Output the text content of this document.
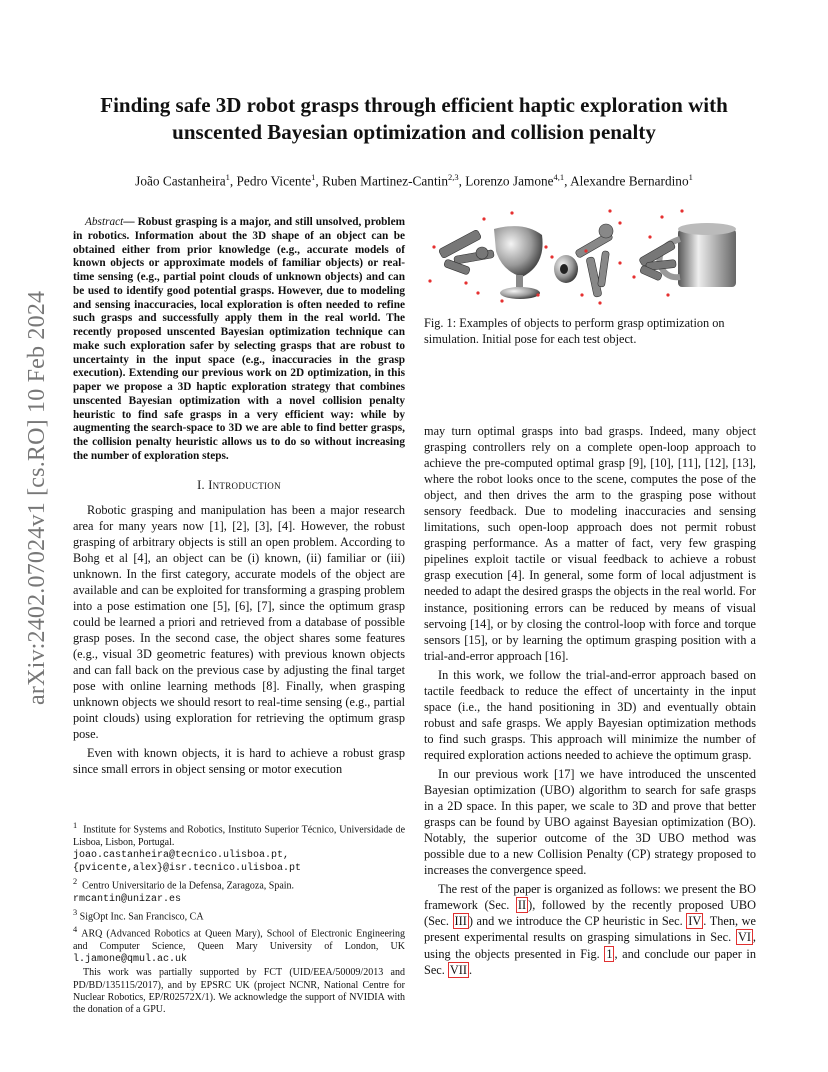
arXiv:2402.07024v1 [cs.RO] 10 Feb 2024
Finding safe 3D robot grasps through efficient haptic exploration with unscented Bayesian optimization and collision penalty
João Castanheira$^1$, Pedro Vicente$^1$, Ruben Martinez-Cantin$^{2,3}$, Lorenzo Jamone$^{4,1}$, Alexandre Bernardino$^1$

Abstract— Robust grasping is a major, and still unsolved, problem in robotics. Information about the 3D shape of an object can be obtained either from prior knowledge (e.g., accurate models of known objects or approximate models of familiar objects) or real-time sensing (e.g., partial point clouds of unknown objects) and can be used to identify good potential grasps. However, due to modeling and sensing inaccuracies, local exploration is often needed to refine such grasps and successfully apply them in the real world. The recently proposed unscented Bayesian optimization technique can make such exploration safer by selecting grasps that are robust to uncertainty in the input space (e.g., inaccuracies in the grasp execution). Extending our previous work on 2D optimization, in this paper we propose a 3D haptic exploration strategy that combines unscented Bayesian optimization with a novel collision penalty heuristic to find safe grasps in a very efficient way: while by augmenting the search-space to 3D we are able to find better grasps, the collision penalty heuristic allows us to do so without increasing the number of exploration steps.

I. Introduction

Robotic grasping and manipulation has been a major research area for many years now [1], [2], [3], [4]. However, the robust grasping of arbitrary objects is still an open problem. According to Bohg et al [4], an object can be (i) known, (ii) familiar or (iii) unknown. In the first category, accurate models of the object are available and can be exploited for transforming a grasping problem into a pose estimation one [5], [6], [7], since the optimum grasp could be learned a priori and retrieved from a database of possible grasp poses. In the second case, the object shares some features (e.g., visual 3D geometric features) with previous known objects and can fall back on the previous case by adjusting the final target pose with online learning methods [8]. Finally, when grasping unknown objects we should resort to real-time sensing (e.g., partial point clouds) using exploration for retrieving the optimum grasp pose.

Even with known objects, it is hard to achieve a robust grasp since small errors in object sensing or motor execution

$^1$ Institute for Systems and Robotics, Instituto Superior Técnico, Universidade de Lisboa, Lisbon, Portugal.
joao.castanheira@tecnico.ulisboa.pt,
{pvicente,alex}@isr.tecnico.ulisboa.pt
$^2$ Centro Universitario de la Defensa, Zaragoza, Spain.
rmcantin@unizar.es
$^3$ SigOpt Inc. San Francisco, CA
$^4$ ARQ (Advanced Robotics at Queen Mary), School of Electronic Engineering and Computer Science, Queen Mary University of London, UK l.jamone@qmul.ac.uk
This work was partially supported by FCT (UID/EEA/50009/2013 and PD/BD/135115/2017), and by EPSRC UK (project NCNR, National Centre for Nuclear Robotics, EP/R02572X/1). We acknowledge the support of NVIDIA with the donation of a GPU.
Fig. 1: Examples of objects to perform grasp optimization on simulation. Initial pose for each test object.

may turn optimal grasps into bad grasps. Indeed, many object grasping controllers rely on a complete open-loop approach to achieve the pre-computed optimal grasp [9], [10], [11], [12], [13], where the robot looks once to the scene, computes the pose of the object, and then drives the arm to the grasping pose without sensory feedback. Due to modeling inaccuracies and sensing limitations, such open-loop approach does not permit robust grasping performance. As a matter of fact, very few grasping pipelines exploit tactile or visual feedback to achieve a robust grasp execution [4]. In general, some form of local adjustment is needed to adapt the desired grasps the objects in the real world. For instance, positioning errors can be reduced by means of visual servoing [14], or by closing the control-loop with force and torque sensors [15], or by learning the optimum grasping position with a trial-and-error approach [16].

In this work, we follow the trial-and-error approach based on tactile feedback to reduce the effect of uncertainty in the input space (i.e., the hand positioning in 3D) and eventually obtain robust and safe grasps. We apply Bayesian optimization methods to find such grasps. This approach will minimize the number of required exploration actions needed to achieve the optimum grasp.

In our previous work [17] we have introduced the unscented Bayesian optimization (UBO) algorithm to search for safe grasps in a 2D space. In this paper, we scale to 3D and prove that better grasps can be found by UBO against Bayesian optimization (BO). Notably, the superior outcome of the 3D UBO method was possible due to a new Collision Penalty (CP) strategy proposed to increases the convergence speed.

The rest of the paper is organized as follows: we present the BO framework (Sec. II ), followed by the recently proposed UBO (Sec. III ) and we introduce the CP heuristic in Sec. IV . Then, we present experimental results on grasping simulations in Sec. VI , using the objects presented in Fig. 1 , and conclude our paper in Sec. VII .
